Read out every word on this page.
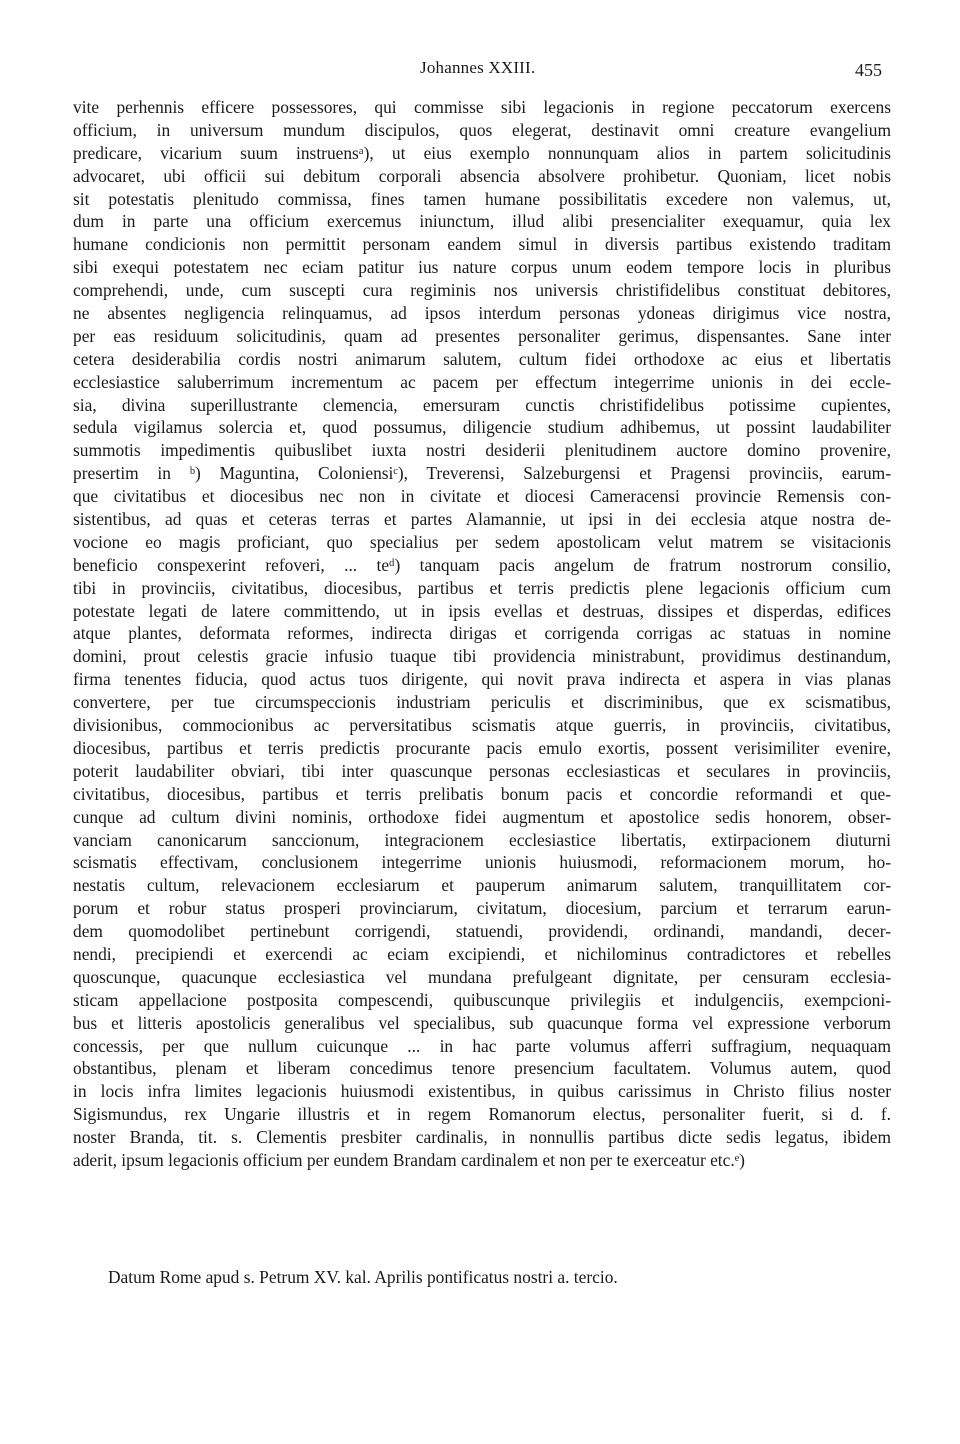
Johannes XXIII.	455
vite perhennis efficere possessores, qui commisse sibi legacionis in regione peccatorum exercens
officium, in universum mundum discipulos, quos elegerat, destinavit omni creature evangelium
predicare, vicarium suum instruensᵃ), ut eius exemplo nonnunquam alios in partem solicitudinis
advocaret, ubi officii sui debitum corporali absencia absolvere prohibetur. Quoniam, licet nobis
sit potestatis plenitudo commissa, fines tamen humane possibilitatis excedere non valemus, ut,
dum in parte una officium exercemus iniunctum, illud alibi presencialiter exequamur, quia lex
humane condicionis non permittit personam eandem simul in diversis partibus existendo traditam
sibi exequi potestatem nec eciam patitur ius nature corpus unum eodem tempore locis in pluribus
comprehendi, unde, cum suscepti cura regiminis nos universis christifidelibus constituat debitores,
ne absentes negligencia relinquamus, ad ipsos interdum personas ydoneas dirigimus vice nostra,
per eas residuum solicitudinis, quam ad presentes personaliter gerimus, dispensantes. Sane inter
cetera desiderabilia cordis nostri animarum salutem, cultum fidei orthodoxe ac eius et libertatis
ecclesiastice saluberrimum incrementum ac pacem per effectum integerrime unionis in dei eccle-
sia, divina superillustrante clemencia, emersuram cunctis christifidelibus potissime cupientes,
sedula vigilamus solercia et, quod possumus, diligencie studium adhibemus, ut possint laudabiliter
summotis impedimentis quibuslibet iuxta nostri desiderii plenitudinem auctore domino provenire,
presertim in ᵇ) Maguntina, Coloniensiᶜ), Treverensi, Salzeburgensi et Pragensi provinciis, earum-
que civitatibus et diocesibus nec non in civitate et diocesi Cameracensi provincie Remensis con-
sistentibus, ad quas et ceteras terras et partes Alamannie, ut ipsi in dei ecclesia atque nostra de-
vocione eo magis proficiant, quo specialius per sedem apostolicam velut matrem se visitacionis
beneficio conspexerint refoveri, ... teᵈ) tanquam pacis angelum de fratrum nostrorum consilio,
tibi in provinciis, civitatibus, diocesibus, partibus et terris predictis plene legacionis officium cum
potestate legati de latere committendo, ut in ipsis evellas et destruas, dissipes et disperdas, edifices
atque plantes, deformata reformes, indirecta dirigas et corrigenda corrigas ac statuas in nomine
domini, prout celestis gracie infusio tuaque tibi providencia ministrabunt, providimus destinandum,
firma tenentes fiducia, quod actus tuos dirigente, qui novit prava indirecta et aspera in vias planas
convertere, per tue circumspeccionis industriam periculis et discriminibus, que ex scismatibus,
divisionibus, commocionibus ac perversitatibus scismatis atque guerris, in provinciis, civitatibus,
diocesibus, partibus et terris predictis procurante pacis emulo exortis, possent verisimiliter evenire,
poterit laudabiliter obviari, tibi inter quascunque personas ecclesiasticas et seculares in provinciis,
civitatibus, diocesibus, partibus et terris prelibatis bonum pacis et concordie reformandi et que-
cunque ad cultum divini nominis, orthodoxe fidei augmentum et apostolice sedis honorem, obser-
vanciam canonicarum sanccionum, integracionem ecclesiastice libertatis, extirpacionem diuturni
scismatis effectivam, conclusionem integerrime unionis huiusmodi, reformacionem morum, ho-
nestatis cultum, relevacionem ecclesiarum et pauperum animarum salutem, tranquillitatem cor-
porum et robur status prosperi provinciarum, civitatum, diocesium, parcium et terrarum earun-
dem quomodolibet pertinebunt corrigendi, statuendi, providendi, ordinandi, mandandi, decer-
nendi, precipiendi et exercendi ac eciam excipiendi, et nichilominus contradictores et rebelles
quoscunque, quacunque ecclesiastica vel mundana prefulgeant dignitate, per censuram ecclesia-
sticam appellacione postposita compescendi, quibuscunque privilegiis et indulgenciis, exempcioni-
bus et litteris apostolicis generalibus vel specialibus, sub quacunque forma vel expressione verborum
concessis, per que nullum cuicunque ... in hac parte volumus afferri suffragium, nequaquam
obstantibus, plenam et liberam concedimus tenore presencium facultatem. Volumus autem, quod
in locis infra limites legacionis huiusmodi existentibus, in quibus carissimus in Christo filius noster
Sigismundus, rex Ungarie illustris et in regem Romanorum electus, personaliter fuerit, si d. f.
noster Branda, tit. s. Clementis presbiter cardinalis, in nonnullis partibus dicte sedis legatus, ibidem
aderit, ipsum legacionis officium per eundem Brandam cardinalem et non per te exerceatur etc.ᵉ)
Datum Rome apud s. Petrum XV. kal. Aprilis pontificatus nostri a. tercio.
